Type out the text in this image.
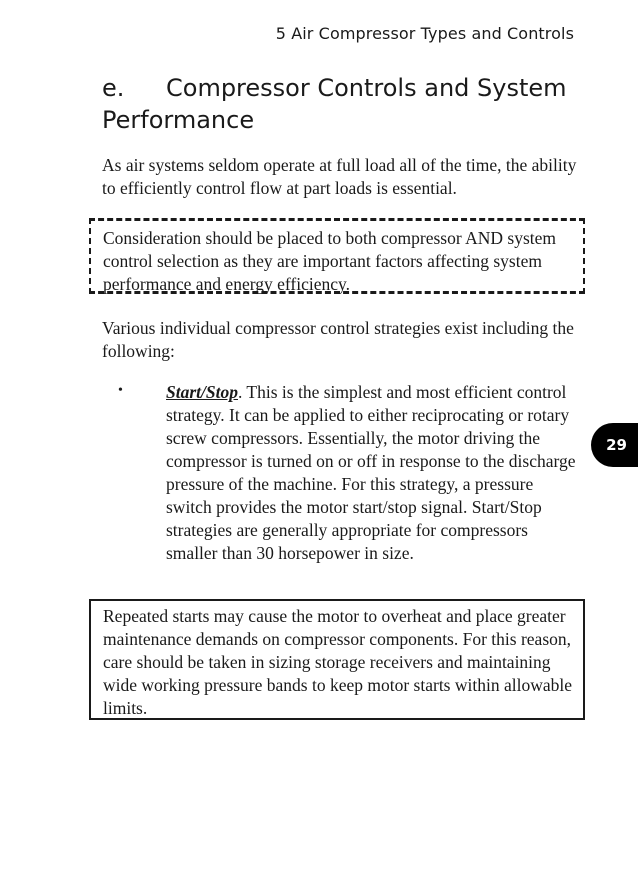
5 Air Compressor Types and Controls
e. Compressor Controls and System Performance

As air systems seldom operate at full load all of the time, the ability to efficiently control flow at part loads is essential.

Consideration should be placed to both compressor AND system control selection as they are important factors affecting system performance and energy efficiency.

Various individual compressor control strategies exist including the following:

• Start/Stop. This is the simplest and most efficient control strategy. It can be applied to either reciprocating or rotary screw compressors. Essentially, the motor driving the compressor is turned on or off in response to the discharge pressure of the machine. For this strategy, a pressure switch provides the motor start/stop signal. Start/Stop strategies are generally appropriate for compressors smaller than 30 horsepower in size.
29
Repeated starts may cause the motor to overheat and place greater maintenance demands on compressor components. For this reason, care should be taken in sizing storage receivers and maintaining wide working pressure bands to keep motor starts within allowable limits.
